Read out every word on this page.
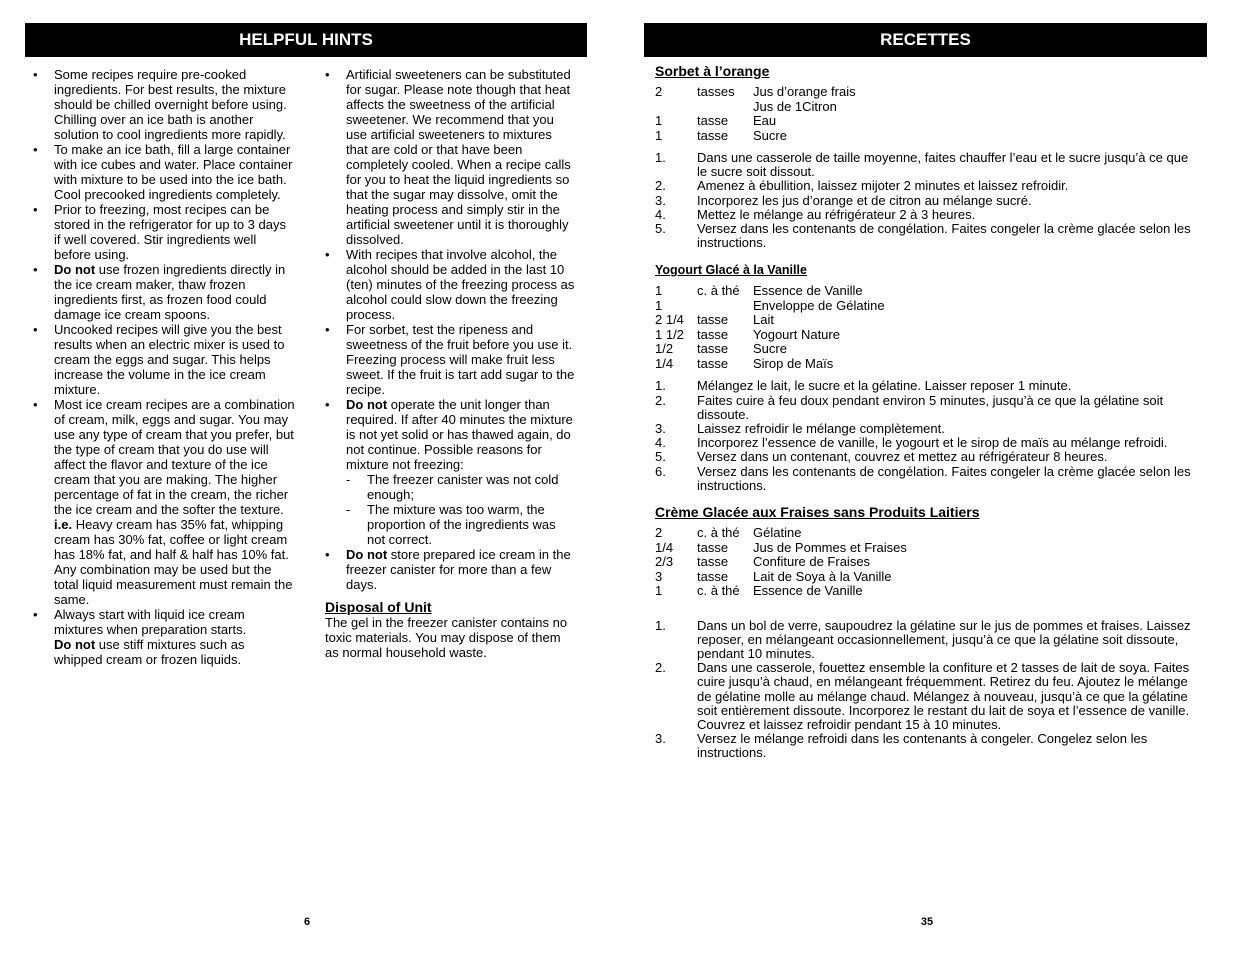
HELPFUL HINTS
• Some recipes require pre-cooked ingredients. For best results, the mixture should be chilled overnight before using. Chilling over an ice bath is another solution to cool ingredients more rapidly.
• To make an ice bath, fill a large container with ice cubes and water. Place container with mixture to be used into the ice bath. Cool precooked ingredients completely.
• Prior to freezing, most recipes can be stored in the refrigerator for up to 3 days if well covered. Stir ingredients well before using.
• Do not use frozen ingredients directly in the ice cream maker, thaw frozen ingredients first, as frozen food could damage ice cream spoons.
• Uncooked recipes will give you the best results when an electric mixer is used to cream the eggs and sugar. This helps increase the volume in the ice cream mixture.
• Most ice cream recipes are a combination of cream, milk, eggs and sugar. You may use any type of cream that you prefer, but the type of cream that you do use will affect the flavor and texture of the ice cream that you are making. The higher percentage of fat in the cream, the richer the ice cream and the softer the texture.
i.e. Heavy cream has 35% fat, whipping cream has 30% fat, coffee or light cream has 18% fat, and half & half has 10% fat. Any combination may be used but the total liquid measurement must remain the same.
• Always start with liquid ice cream mixtures when preparation starts.
Do not use stiff mixtures such as whipped cream or frozen liquids.
• Artificial sweeteners can be substituted for sugar. Please note though that heat affects the sweetness of the artificial sweetener. We recommend that you use artificial sweeteners to mixtures that are cold or that have been completely cooled. When a recipe calls for you to heat the liquid ingredients so that the sugar may dissolve, omit the heating process and simply stir in the artificial sweetener until it is thoroughly dissolved.
• With recipes that involve alcohol, the alcohol should be added in the last 10 (ten) minutes of the freezing process as alcohol could slow down the freezing process.
• For sorbet, test the ripeness and sweetness of the fruit before you use it. Freezing process will make fruit less sweet. If the fruit is tart add sugar to the recipe.
• Do not operate the unit longer than required. If after 40 minutes the mixture is not yet solid or has thawed again, do not continue. Possible reasons for mixture not freezing:
- The freezer canister was not cold enough;
- The mixture was too warm, the proportion of the ingredients was not correct.
• Do not store prepared ice cream in the freezer canister for more than a few days.
Disposal of Unit
The gel in the freezer canister contains no toxic materials. You may dispose of them as normal household waste.
6
RECETTES
Sorbet à l’orange
2	tasses	Jus d’orange frais
		Jus de 1Citron
1	tasse	Eau
1	tasse	Sucre
1. Dans une casserole de taille moyenne, faites chauffer l’eau et le sucre jusqu’à ce que le sucre soit dissout.
2. Amenez à ébullition, laissez mijoter 2 minutes et laissez refroidir.
3. Incorporez les jus d’orange et de citron au mélange sucré.
4. Mettez le mélange au réfrigérateur 2 à 3 heures.
5. Versez dans les contenants de congélation. Faites congeler la crème glacée selon les instructions.
Yogourt Glacé à la Vanille
1	c. à thé	Essence de Vanille
1		Enveloppe de Gélatine
2 1/4	tasse	Lait
1 1/2	tasse	Yogourt Nature
1/2	tasse	Sucre
1/4	tasse	Sirop de Maïs
1. Mélangez le lait, le sucre et la gélatine. Laisser reposer 1 minute.
2. Faites cuire à feu doux pendant environ 5 minutes, jusqu’à ce que la gélatine soit dissoute.
3. Laissez refroidir le mélange complètement.
4. Incorporez l’essence de vanille, le yogourt et le sirop de maïs au mélange refroidi.
5. Versez dans un contenant, couvrez et mettez au réfrigérateur 8 heures.
6. Versez dans les contenants de congélation. Faites congeler la crème glacée selon les instructions.
Crème Glacée aux Fraises sans Produits Laitiers
2	c. à thé	Gélatine
1/4	tasse	Jus de Pommes et Fraises
2/3	tasse	Confiture de Fraises
3	tasse	Lait de Soya à la Vanille
1	c. à thé	Essence de Vanille
1. Dans un bol de verre, saupoudrez la gélatine sur le jus de pommes et fraises. Laissez reposer, en mélangeant occasionnellement, jusqu’à ce que la gélatine soit dissoute, pendant 10 minutes.
2. Dans une casserole, fouettez ensemble la confiture et 2 tasses de lait de soya. Faites cuire jusqu’à chaud, en mélangeant fréquemment. Retirez du feu. Ajoutez le mélange de gélatine molle au mélange chaud. Mélangez à nouveau, jusqu’à ce que la gélatine soit entièrement dissoute. Incorporez le restant du lait de soya et l’essence de vanille. Couvrez et laissez refroidir pendant 15 à 10 minutes.
3. Versez le mélange refroidi dans les contenants à congeler. Congelez selon les instructions.
35
